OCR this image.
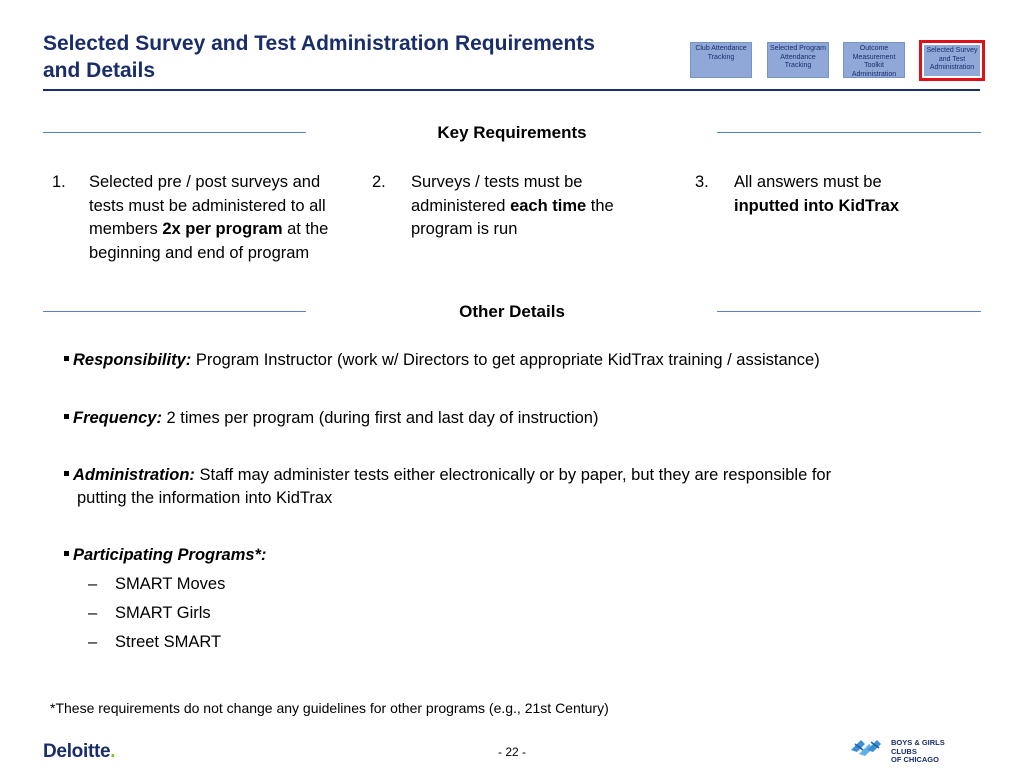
Selected Survey and Test Administration Requirements
and Details
Club Attendance Tracking
Selected Program Attendance Tracking
Outcome Measurement Toolkit Administration
Selected Survey and Test Administration
Key Requirements
1. Selected pre / post surveys and tests must be administered to all members 2x per program at the beginning and end of program
2. Surveys / tests must be administered each time the program is run
3. All answers must be inputted into KidTrax
Other Details
Responsibility: Program Instructor (work w/ Directors to get appropriate KidTrax training / assistance)
Frequency: 2 times per program (during first and last day of instruction)
Administration: Staff may administer tests either electronically or by paper, but they are responsible for
putting the information into KidTrax
Participating Programs*:
– SMART Moves
– SMART Girls
– Street SMART
*These requirements do not change any guidelines for other programs (e.g., 21st Century)
Deloitte.	- 22 -
BOYS & GIRLS CLUBS
OF CHICAGO
